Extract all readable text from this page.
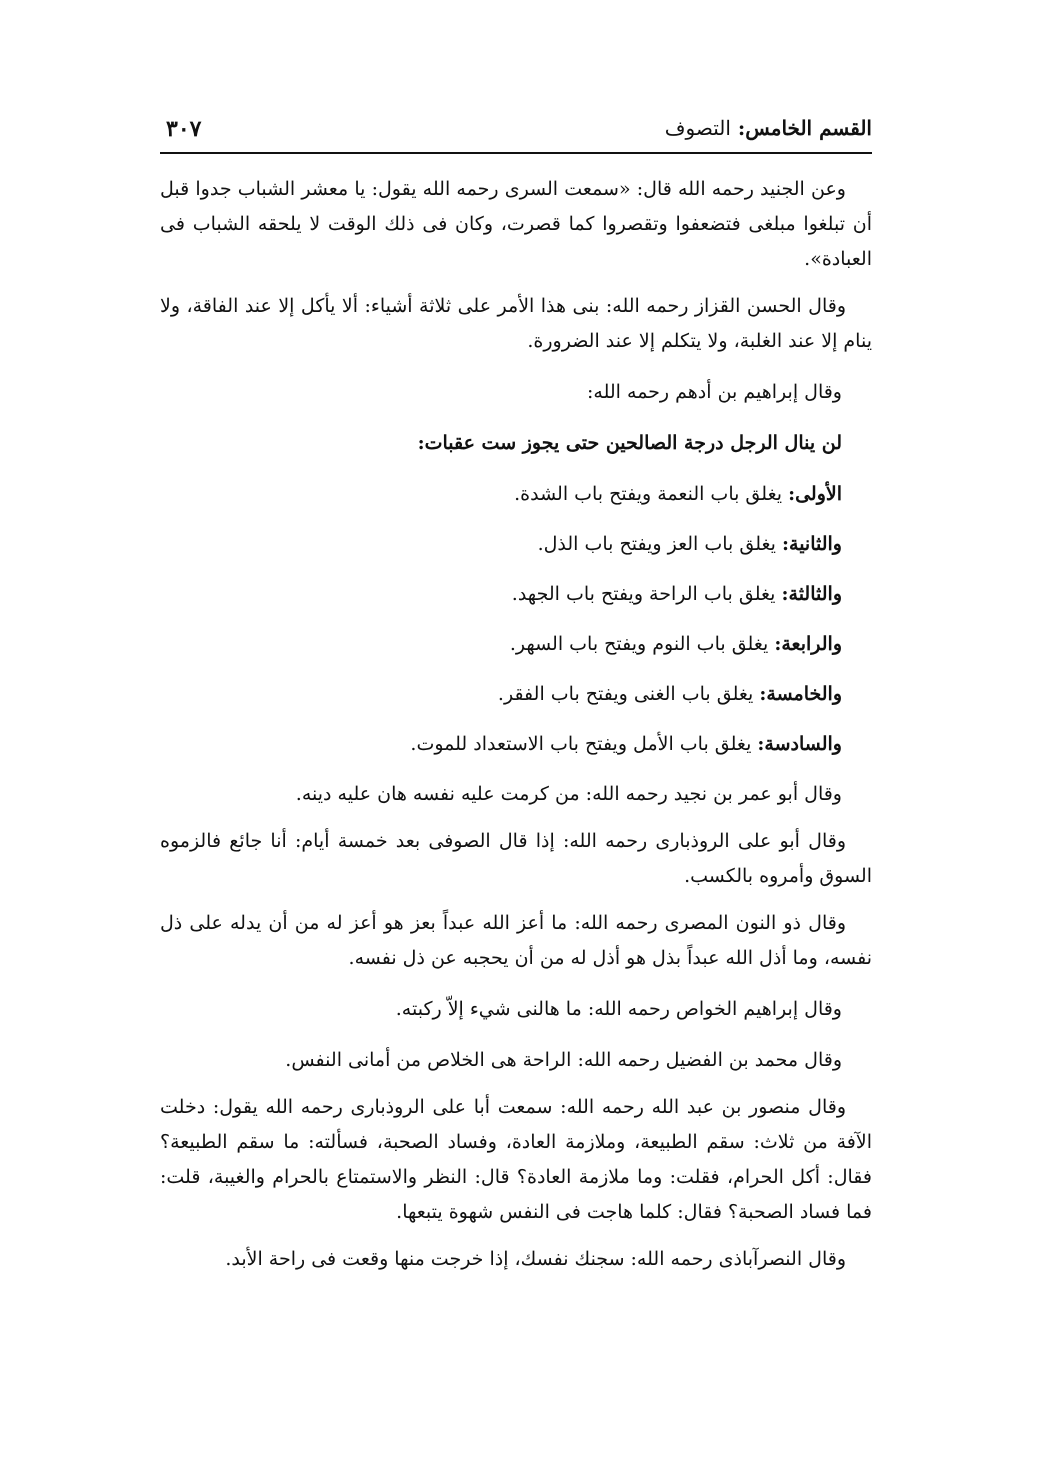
القسم الخامس: التصوف
٣٠٧

وعن الجنيد رحمه الله قال: «سمعت السرى رحمه الله يقول: يا معشر الشباب جدوا قبل أن تبلغوا مبلغى فتضعفوا وتقصروا كما قصرت، وكان فى ذلك الوقت لا يلحقه الشباب فى العبادة».

وقال الحسن القزاز رحمه الله: بنى هذا الأمر على ثلاثة أشياء: ألا يأكل إلا عند الفاقة، ولا ينام إلا عند الغلبة، ولا يتكلم إلا عند الضرورة.

وقال إبراهيم بن أدهم رحمه الله:

لن ينال الرجل درجة الصالحين حتى يجوز ست عقبات:

الأولى: يغلق باب النعمة ويفتح باب الشدة.

والثانية: يغلق باب العز ويفتح باب الذل.

والثالثة: يغلق باب الراحة ويفتح باب الجهد.

والرابعة: يغلق باب النوم ويفتح باب السهر.

والخامسة: يغلق باب الغنى ويفتح باب الفقر.

والسادسة: يغلق باب الأمل ويفتح باب الاستعداد للموت.

وقال أبو عمر بن نجيد رحمه الله: من كرمت عليه نفسه هان عليه دينه.

وقال أبو على الروذبارى رحمه الله: إذا قال الصوفى بعد خمسة أيام: أنا جائع فالزموه السوق وأمروه بالكسب.

وقال ذو النون المصرى رحمه الله: ما أعز الله عبداً بعز هو أعز له من أن يدله على ذل نفسه، وما أذل الله عبداً بذل هو أذل له من أن يحجبه عن ذل نفسه.

وقال إبراهيم الخواص رحمه الله: ما هالنى شيء إلاّ ركبته.

وقال محمد بن الفضيل رحمه الله: الراحة هى الخلاص من أمانى النفس.

وقال منصور بن عبد الله رحمه الله: سمعت أبا على الروذبارى رحمه الله يقول: دخلت الآفة من ثلاث: سقم الطبيعة، وملازمة العادة، وفساد الصحبة، فسألته: ما سقم الطبيعة؟ فقال: أكل الحرام، فقلت: وما ملازمة العادة؟ قال: النظر والاستمتاع بالحرام والغيبة، قلت: فما فساد الصحبة؟ فقال: كلما هاجت فى النفس شهوة يتبعها.

وقال النصرآباذى رحمه الله: سجنك نفسك، إذا خرجت منها وقعت فى راحة الأبد.
